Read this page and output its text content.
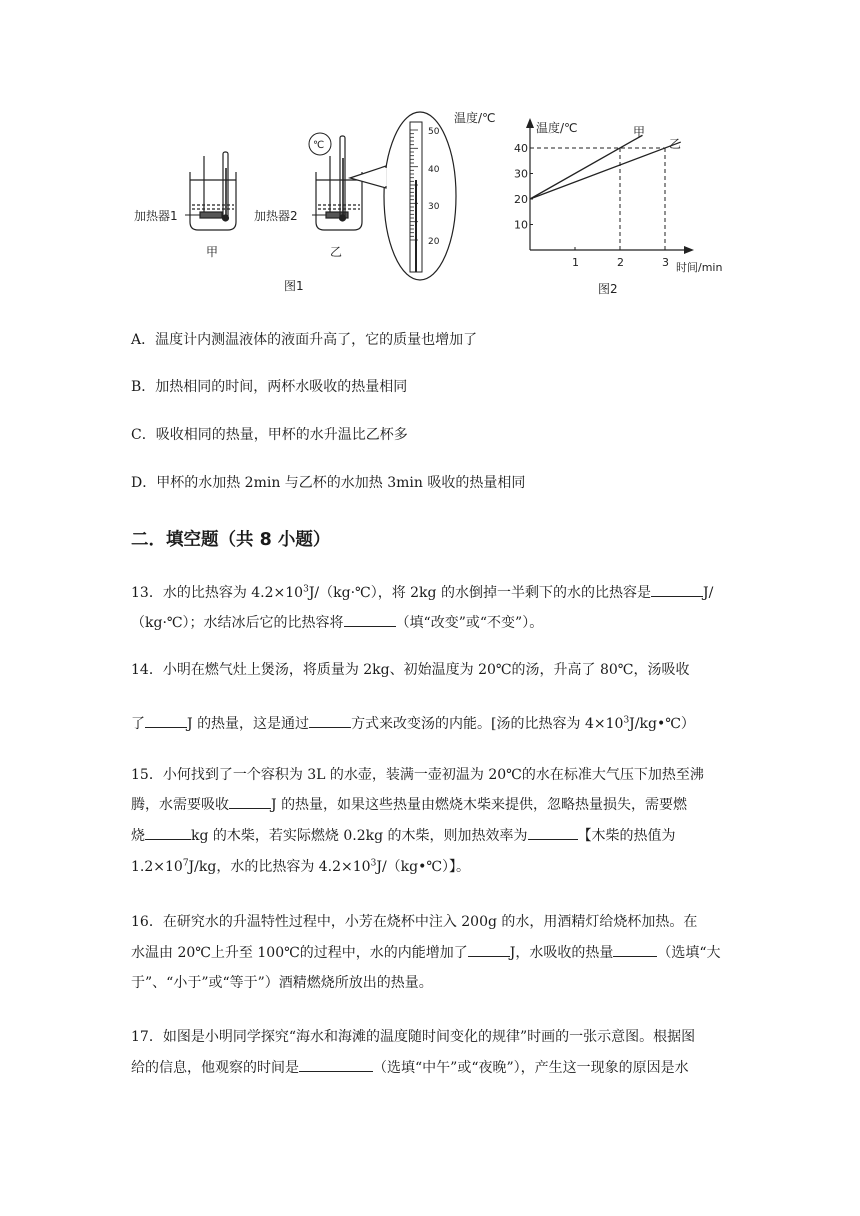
加热器1
甲
加热器2
乙
℃
50
40
30
20
温度/℃
图1
10
20
30
40
1	2	3
温度/℃
时间/min
甲
乙
图2
A．温度计内测温液体的液面升高了，它的质量也增加了
B．加热相同的时间，两杯水吸收的热量相同
C．吸收相同的热量，甲杯的水升温比乙杯多
D．甲杯的水加热 2min 与乙杯的水加热 3min 吸收的热量相同
二．填空题（共 8 小题）
13．水的比热容为 $4.2\times 10^3J/(kg\cdot℃)$，将 2kg 的水倒掉一半剩下的水的比热容是	J/
（kg·℃）；水结冰后它的比热容将	（填“改变”或“不变”）。
14．小明在燃气灶上煲汤，将质量为 2kg、初始温度为 20℃的汤，升高了 80℃，汤吸收
了	J 的热量，这是通过	方式来改变汤的内能。[汤的比热容为 $4\times 10^3J/kg•℃$）
15．小何找到了一个容积为 3L 的水壶，装满一壶初温为 20℃的水在标准大气压下加热至沸
腾，水需要吸收	J 的热量，如果这些热量由燃烧木柴来提供，忽略热量损失，需要燃
烧	kg 的木柴，若实际燃烧 0.2kg 的木柴，则加热效率为	【木柴的热值为
$1.2\times 10^7J/kg$，水的比热容为 $4.2\times 10^3J/(kg•℃)$】。
16．在研究水的升温特性过程中，小芳在烧杯中注入 200g 的水，用酒精灯给烧杯加热。在
水温由 20℃上升至 100℃的过程中，水的内能增加了	J，水吸收的热量	（选填“大
于”、“小于”或“等于”）酒精燃烧所放出的热量。
17．如图是小明同学探究“海水和海滩的温度随时间变化的规律”时画的一张示意图。根据图
给的信息，他观察的时间是	（选填“中午”或“夜晚”），产生这一现象的原因是水
